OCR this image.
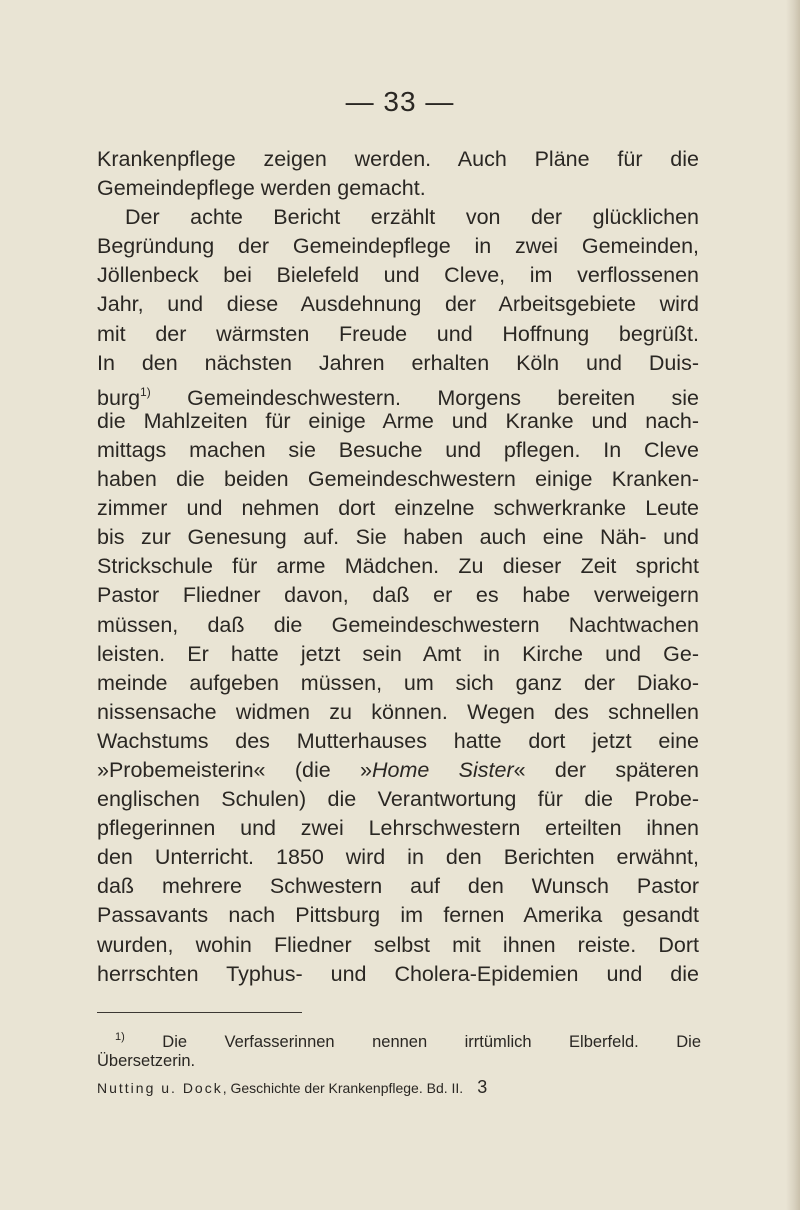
— 33 —
Krankenpflege zeigen werden. Auch Pläne für die
Gemeindepflege werden gemacht.
Der achte Bericht erzählt von der glücklichen
Begründung der Gemeindepflege in zwei Gemeinden,
Jöllenbeck bei Bielefeld und Cleve, im verflossenen
Jahr, und diese Ausdehnung der Arbeitsgebiete wird
mit der wärmsten Freude und Hoffnung begrüßt.
In den nächsten Jahren erhalten Köln und Duis-
burg$^{1)}$ Gemeindeschwestern. Morgens bereiten sie
die Mahlzeiten für einige Arme und Kranke und nach-
mittags machen sie Besuche und pflegen. In Cleve
haben die beiden Gemeindeschwestern einige Kranken-
zimmer und nehmen dort einzelne schwerkranke Leute
bis zur Genesung auf. Sie haben auch eine Näh- und
Strickschule für arme Mädchen. Zu dieser Zeit spricht
Pastor Fliedner davon, daß er es habe verweigern
müssen, daß die Gemeindeschwestern Nachtwachen
leisten. Er hatte jetzt sein Amt in Kirche und Ge-
meinde aufgeben müssen, um sich ganz der Diako-
nissensache widmen zu können. Wegen des schnellen
Wachstums des Mutterhauses hatte dort jetzt eine
»Probemeisterin« (die »Home Sister« der späteren
englischen Schulen) die Verantwortung für die Probe-
pflegerinnen und zwei Lehrschwestern erteilten ihnen
den Unterricht. 1850 wird in den Berichten erwähnt,
daß mehrere Schwestern auf den Wunsch Pastor
Passavants nach Pittsburg im fernen Amerika gesandt
wurden, wohin Fliedner selbst mit ihnen reiste. Dort
herrschten Typhus- und Cholera-Epidemien und die
$^{1)}$ Die Verfasserinnen nennen irrtümlich Elberfeld. Die
Übersetzerin.
Nutting u. Dock, Geschichte der Krankenpflege. Bd. II. 3
